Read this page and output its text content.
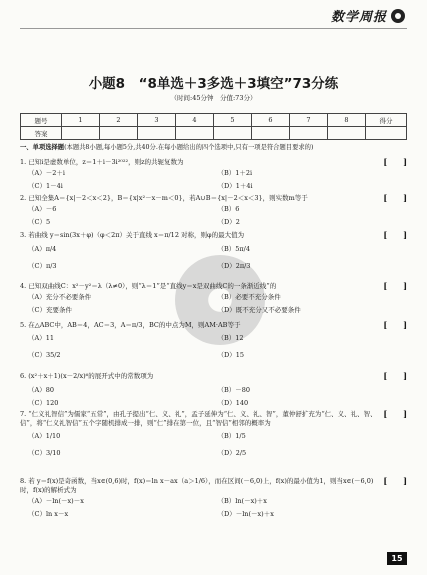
数学周报
小题8　“8单选＋3多选＋3填空”73分练
（时间:45分钟　分值:73分）
题号	1	2	3	4	5	6	7	8	得分
答案									
一、单项选择题(本题共8小题,每小题5分,共40分.在每小题给出的四个选项中,只有一项是符合题目要求的)
1. 已知i是虚数单位，z＝1＋i－3i²⁰²²，则z的共轭复数为	[　　]
（A）－2＋i	（B）1＋2i
（C）1－4i	（D）1＋4i
2. 已知全集A＝{x|－2＜x＜2}，B＝{x|x²－x－m＜0}，若A∪B＝{x|－2＜x＜3}，则实数m等于	[　　]
（A）－6	（B）6
（C）5	（D）2
3. 若曲线 y＝sin(3x＋φ)（φ＜2π）关于直线 x＝π/12 对称，则φ的最大值为	[　　]
（A）π/4	（B）5π/4
（C）π/3	（D）2π/3
4. 已知双曲线C：x²－y²＝λ（λ≠0），则“λ＝1”是“直线y＝x是双曲线C的一条渐近线”的	[　　]
（A）充分不必要条件	（B）必要不充分条件
（C）充要条件	（D）既不充分又不必要条件
5. 在△ABC中，AB＝4，AC＝3，A＝π/3，BC的中点为M，则AM·AB等于	[　　]
（A）11	（B）12
（C）35/2	（D）15
6. (x²＋x＋1)(x－2/x)⁶的展开式中的常数项为	[　　]
（A）80	（B）－80
（C）120	（D）140
7. “仁义礼智信”为儒家“五常”，由孔子提出“仁、义、礼”，孟子延伸为“仁、义、礼、智”，董仲舒扩充为“仁、义、礼、智、信”，将“仁义礼智信”五个字随机排成一排，则“仁”排在第一位，且“智信”相邻的概率为
[　　]
（A）1/10	（B）1/5
（C）3/10	（D）2/5
8. 若 y＝f(x)是奇函数，当x∈(0,6)时，f(x)＝ln x－ax（a＞1/6），而在区间(－6,0)上，f(x)的最小值为1，则当x∈(－6,0)时，f(x)的解析式为
[　　]
（A）－ln(－x)－x	（B）ln(－x)＋x
（C）ln x－x	（D）－ln(－x)＋x
15
